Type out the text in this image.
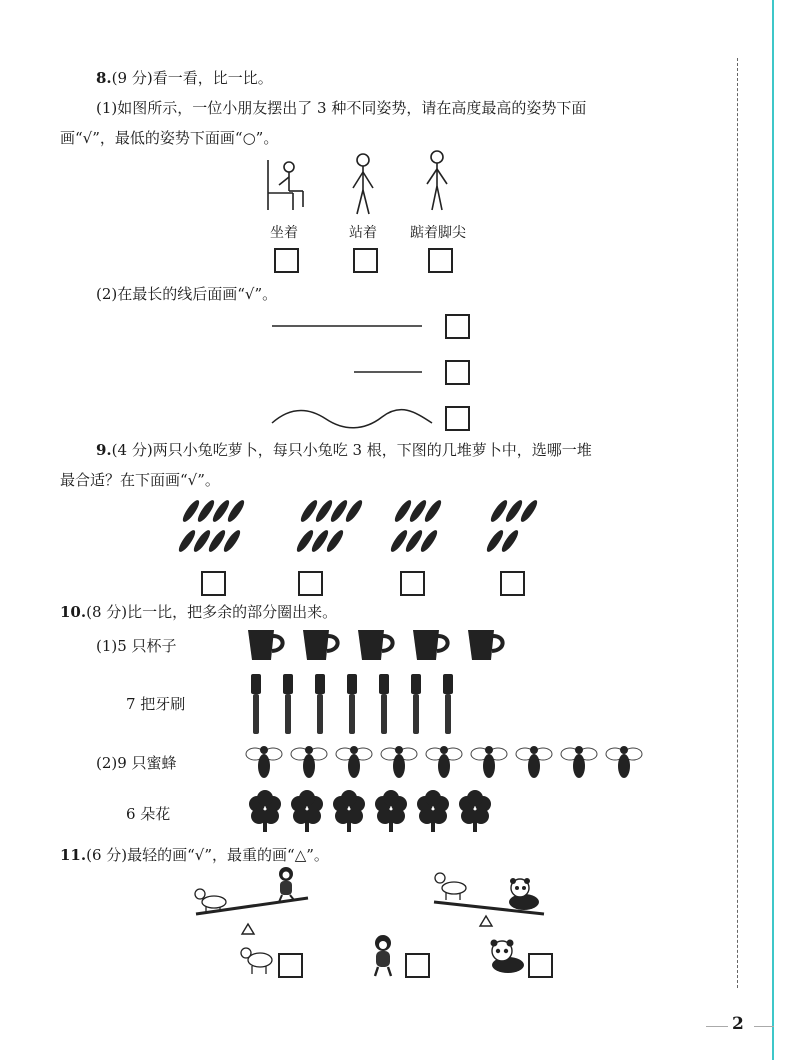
8.(9 分)看一看，比一比。
(1)如图所示，一位小朋友摆出了 3 种不同姿势，请在高度最高的姿势下面
画“√”，最低的姿势下面画“○”。
坐着	站着 踮着脚尖
(2)在最长的线后面画“√”。
9.(4 分)两只小兔吃萝卜，每只小兔吃 3 根，下图的几堆萝卜中，选哪一堆
最合适？在下面画“√”。
10.(8 分)比一比，把多余的部分圈出来。
(1)5 只杯子
7 把牙刷
(2)9 只蜜蜂
6 朵花
11.(6 分)最轻的画“√”，最重的画“△”。
2
